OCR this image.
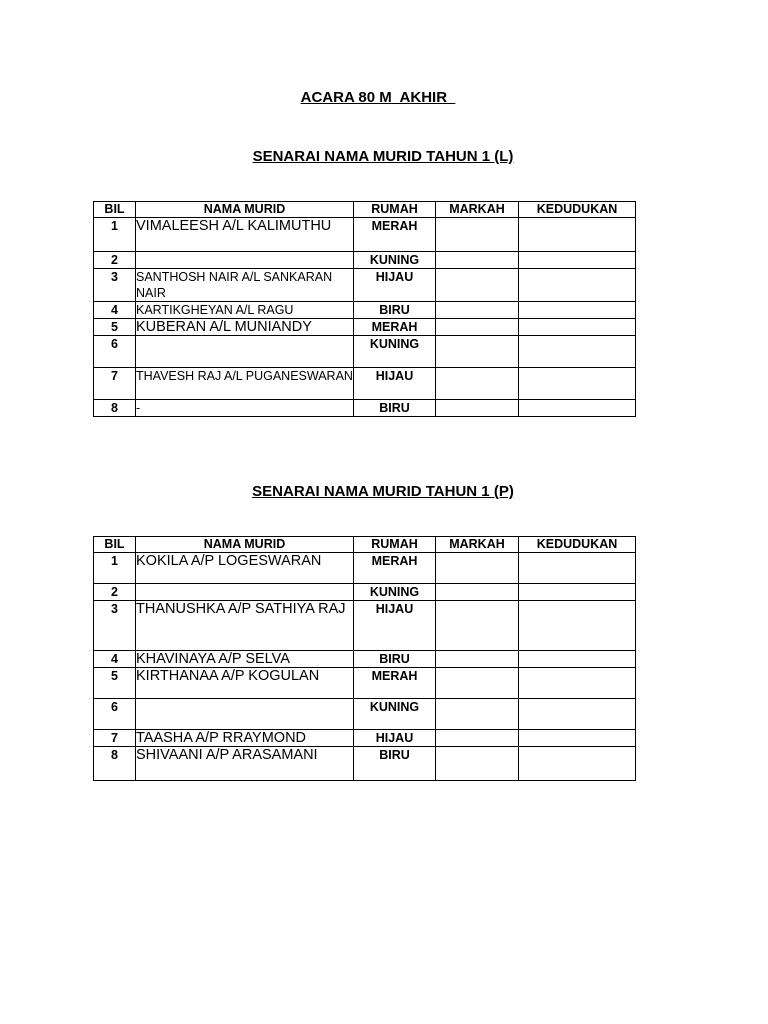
ACARA 80 M  AKHIR
SENARAI NAMA MURID TAHUN 1 (L)
BIL	NAMA MURID	RUMAH	MARKAH	KEDUDUKAN
1	VIMALEESH A/L KALIMUTHU	MERAH		
2		KUNING		
3	SANTHOSH NAIR A/L SANKARAN NAIR	HIJAU		
4	KARTIKGHEYAN A/L RAGU	BIRU		
5	KUBERAN A/L MUNIANDY	MERAH		
6		KUNING		
7	THAVESH RAJ A/L PUGANESWARAN	HIJAU		
8	-	BIRU		
SENARAI NAMA MURID TAHUN 1 (P)
BIL	NAMA MURID	RUMAH	MARKAH	KEDUDUKAN
1	KOKILA A/P LOGESWARAN	MERAH		
2		KUNING		
3	THANUSHKA A/P SATHIYA RAJ	HIJAU		
4	KHAVINAYA A/P SELVA	BIRU		
5	KIRTHANAA A/P KOGULAN	MERAH		
6		KUNING		
7	TAASHA A/P RRAYMOND	HIJAU		
8	SHIVAANI A/P ARASAMANI	BIRU		
